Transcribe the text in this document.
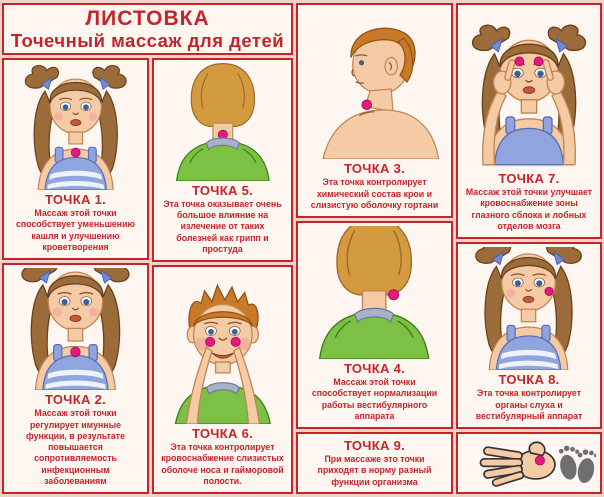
ЛИСТОВКА
Точечный массаж для детей
ТОЧКА 1.
Массаж этой точки способствует уменьшению кашля и улучшению кроветворения
ТОЧКА 2.
Массаж этой точки регулирует имунные функции, в результате повышается сопротивляемость инфекционным заболеваниям
ТОЧКА 5.
Эта точка оказывает очень большое влияние на излечение от таких болезней как грипп и простуда
ТОЧКА 6.
Эта точка контролирует кровоснабжение слизистых оболоче носа и гайморовой полости.
ТОЧКА 3.
Эта точка контролирует химический состав крои и слизистую оболочку гортани
ТОЧКА 4.
Массаж этой точки способствует нормализации работы вестибулярного аппарата
ТОЧКА 9.
При массаже это точки приходят в норму разный функции организма
ТОЧКА 7.
Массаж этой точки улучшает кровоснабжение зоны глазного сблока и лобных отделов мозга
ТОЧКА 8.
Эта точка контролирует органы слуха и вестибулярный аппарат
